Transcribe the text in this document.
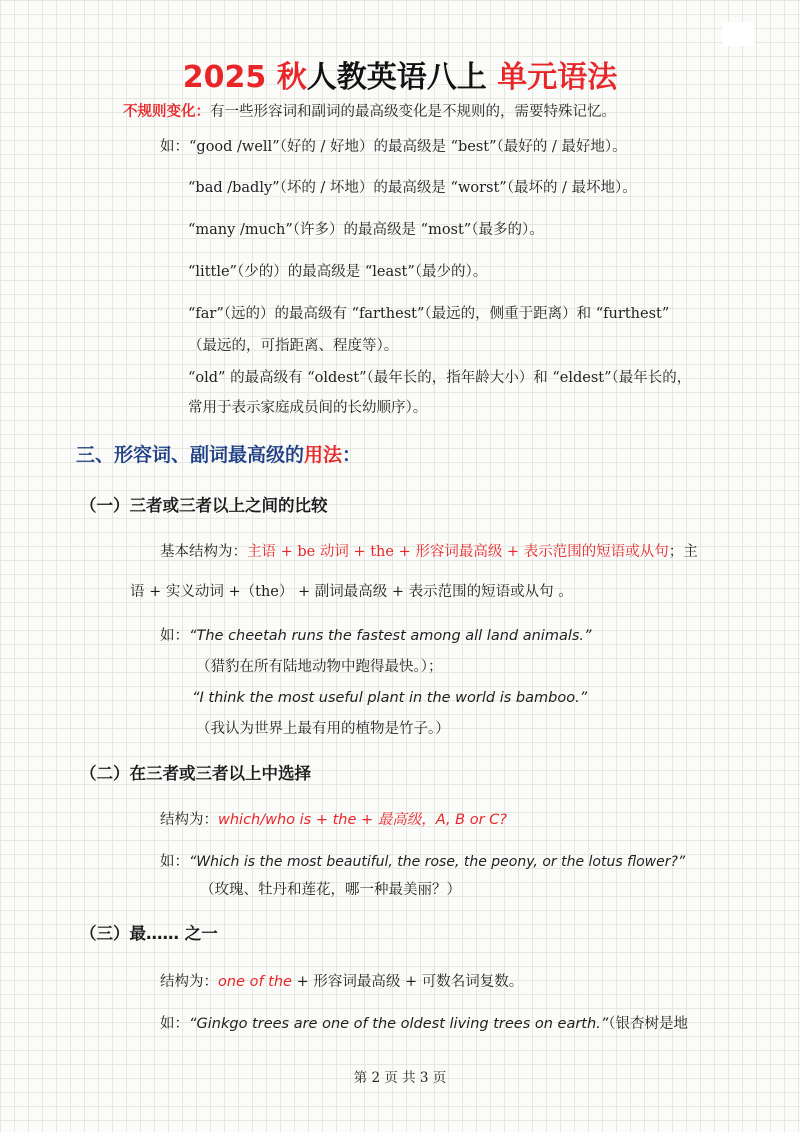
2025 秋人教英语八上 单元语法
不规则变化：有一些形容词和副词的最高级变化是不规则的，需要特殊记忆。
如：“good /well”（好的 / 好地）的最高级是 “best”（最好的 / 最好地）。
“bad /badly”（坏的 / 坏地）的最高级是 “worst”（最坏的 / 最坏地）。
“many /much”（许多）的最高级是 “most”（最多的）。
“little”（少的）的最高级是 “least”（最少的）。
“far”（远的）的最高级有 “farthest”（最远的，侧重于距离）和 “furthest”
（最远的，可指距离、程度等）。
“old” 的最高级有 “oldest”（最年长的，指年龄大小）和 “eldest”（最年长的，
常用于表示家庭成员间的长幼顺序）。
三、形容词、副词最高级的用法：
（一）三者或三者以上之间的比较
基本结构为：主语 + be 动词 + the + 形容词最高级 + 表示范围的短语或从句；主
语 + 实义动词 +（the） + 副词最高级 + 表示范围的短语或从句 。
如：“The cheetah runs the fastest among all land animals.”
（猎豹在所有陆地动物中跑得最快。）；
“I think the most useful plant in the world is bamboo.”
（我认为世界上最有用的植物是竹子。）
（二）在三者或三者以上中选择
结构为：which/who is + the + 最高级，A, B or C?
如：“Which is the most beautiful, the rose, the peony, or the lotus flower?”
（玫瑰、牡丹和莲花，哪一种最美丽？）
（三）最…… 之一
结构为：one of the + 形容词最高级 + 可数名词复数。
如：“Ginkgo trees are one of the oldest living trees on earth.”（银杏树是地
第 2 页 共 3 页
